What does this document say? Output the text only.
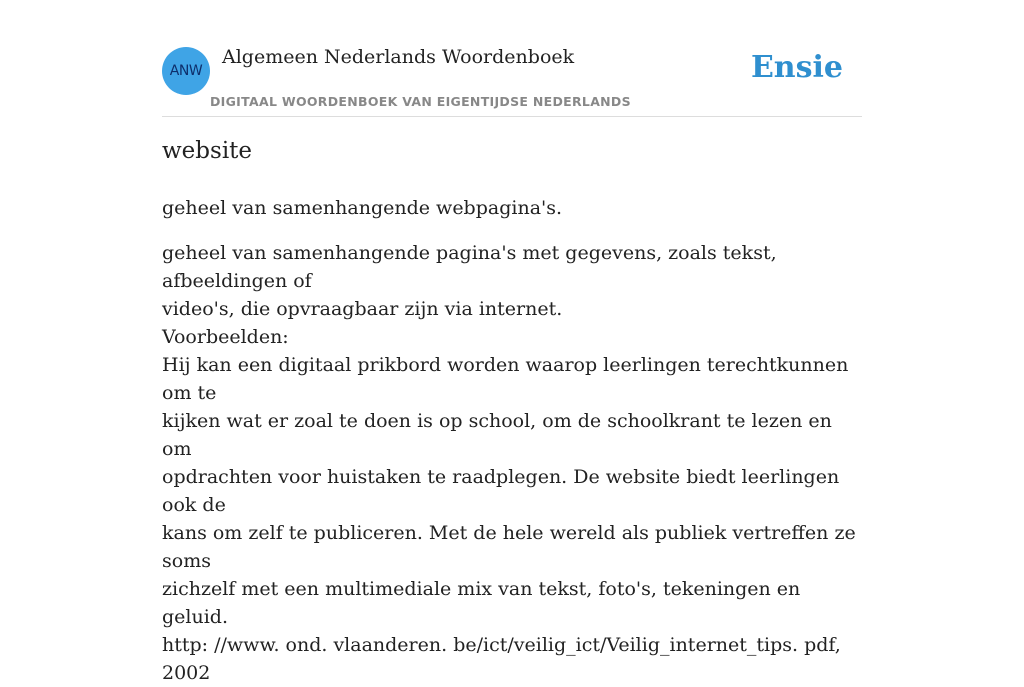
ANW
Algemeen Nederlands Woordenboek
DIGITAAL WOORDENBOEK VAN EIGENTIJDSE NEDERLANDS
Ensie
website
geheel van samenhangende webpagina's.

geheel van samenhangende pagina's met gegevens, zoals tekst, afbeeldingen of

video's, die opvraagbaar zijn via internet.

Voorbeelden:

Hij kan een digitaal prikbord worden waarop leerlingen terechtkunnen om te

kijken wat er zoal te doen is op school, om de schoolkrant te lezen en om

opdrachten voor huistaken te raadplegen. De website biedt leerlingen ook de

kans om zelf te publiceren. Met de hele wereld als publiek vertreffen ze soms

zichzelf met een multimediale mix van tekst, foto's, tekeningen en geluid.

http: //www. ond. vlaanderen. be/ict/veilig_ict/Veilig_internet_tips. pdf, 2002
